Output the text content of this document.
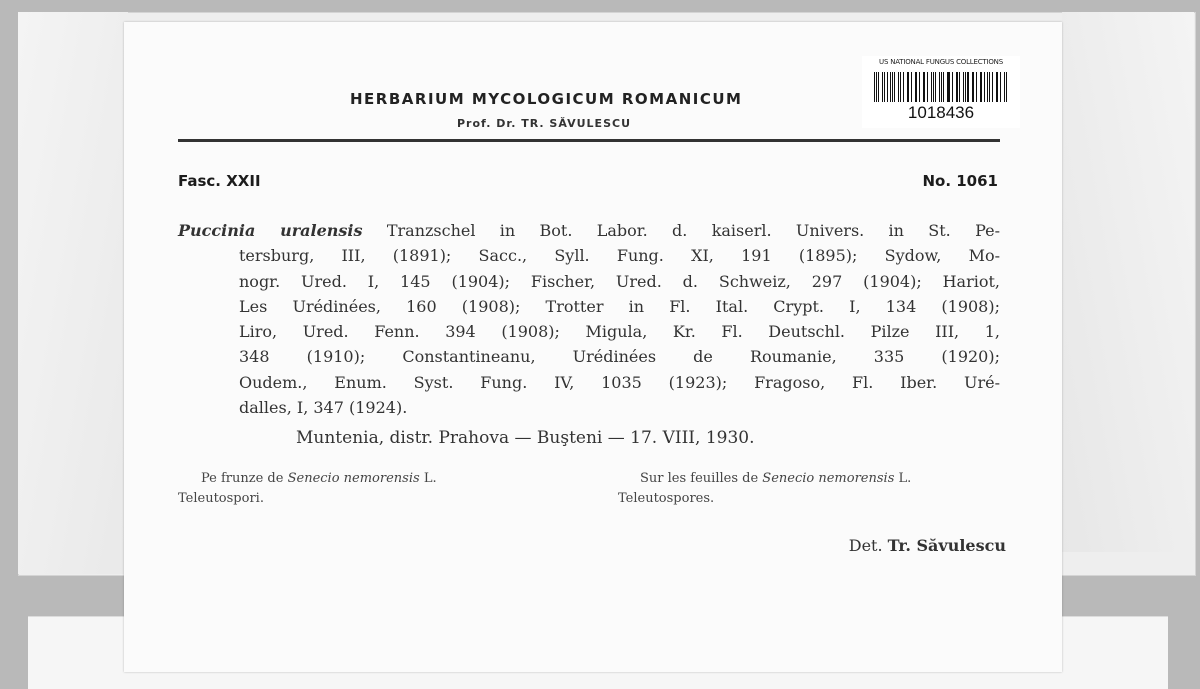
US NATIONAL FUNGUS COLLECTIONS
1018436
HERBARIUM MYCOLOGICUM ROMANICUM
Prof. Dr. TR. SĂVULESCU
Fasc. XXII	No. 1061
Puccinia uralensis Tranzschel in Bot. Labor. d. kaiserl. Univers. in St. Pe-
tersburg, III, (1891); Sacc., Syll. Fung. XI, 191 (1895); Sydow, Mo-
nogr. Ured. I, 145 (1904); Fischer, Ured. d. Schweiz, 297 (1904); Hariot,
Les Urédinées, 160 (1908); Trotter in Fl. Ital. Crypt. I, 134 (1908);
Liro, Ured. Fenn. 394 (1908); Migula, Kr. Fl. Deutschl. Pilze III, 1,
348 (1910); Constantineanu, Urédinées de Roumanie, 335 (1920);
Oudem., Enum. Syst. Fung. IV, 1035 (1923); Fragoso, Fl. Iber. Uré-
dalles, I, 347 (1924).
Muntenia, distr. Prahova — Buşteni — 17. VIII, 1930.
Pe frunze de Senecio nemorensis L.
Teleutospori.
Sur les feuilles de Senecio nemorensis L.
Teleutospores.
Det. Tr. Săvulescu
